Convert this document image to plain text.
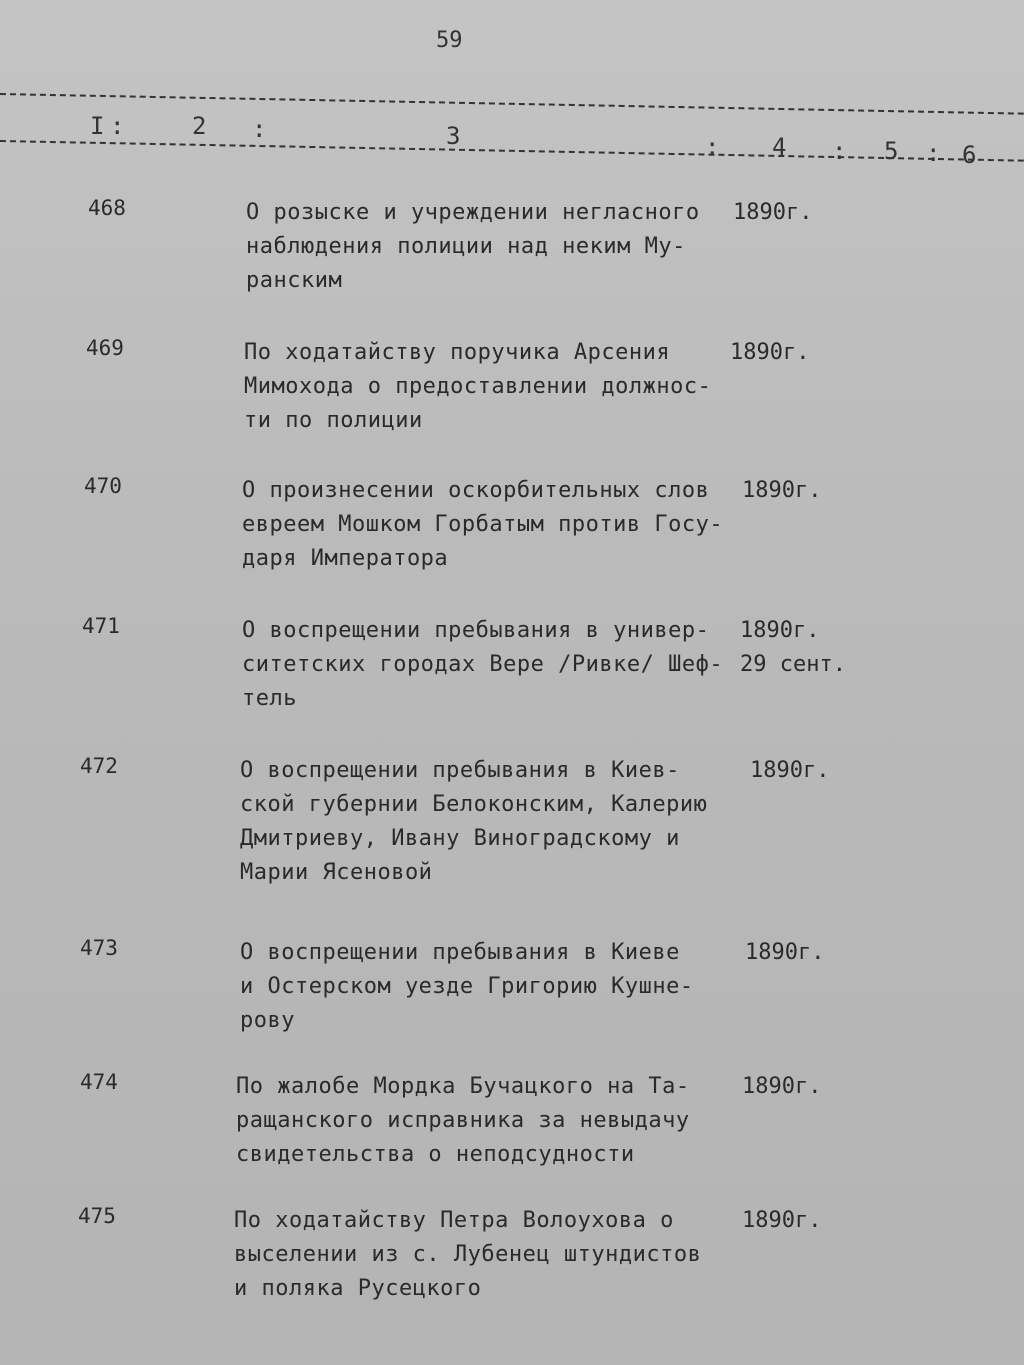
59
I :	2 :	3	: 4 : 5 : 6
468	О розыске и учреждении негласного
наблюдения полиции над неким Му-
ранским
1890г.
469	По ходатайству поручика Арсения
Мимохода о предоставлении должнос-
ти по полиции
1890г.
470	О произнесении оскорбительных слов
евреем Мошком Горбатым против Госу-
даря Императора
1890г.
471	О воспрещении пребывания в универ-
ситетских городах Вере /Ривке/ Шеф-
тель
1890г.
29 сент.
472	О воспрещении пребывания в Киев-
ской губернии Белоконским, Калерию
Дмитриеву, Ивану Виноградскому и
Марии Ясеновой
1890г.
473	О воспрещении пребывания в Киеве
и Остерском уезде Григорию Кушне-
рову
1890г.
474	По жалобе Мордка Бучацкого на Та-
ращанского исправника за невыдачу
свидетельства о неподсудности
1890г.
475	По ходатайству Петра Волоухова о
выселении из с. Лубенец штундистов
и поляка Русецкого
1890г.
